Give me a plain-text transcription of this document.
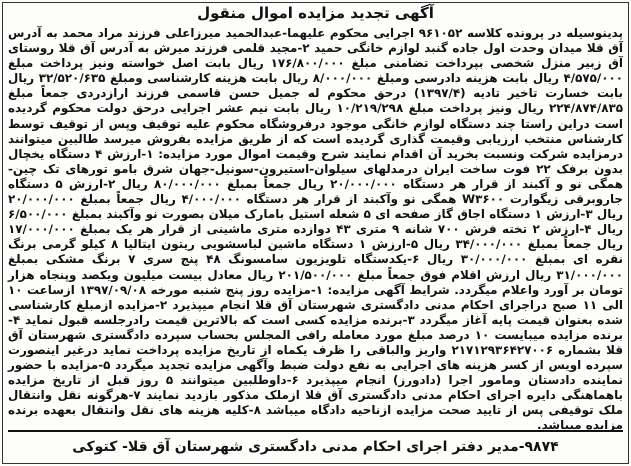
آگهی تجدید مزایده اموال منقول
پدینوسیله در پرونده کلاسه ۹۶۱۰۵۲ اجرایی محکوم علیهما-عبدالحمید میرزاعلی فرزند مراد محمد به آدرس آق قلا میدان وحدت اول جاده گنبد لوازم خانگی حمید ۲-مجید قلمی فرزند میرش به آدرس آق قلا روستای آق زبیر منزل شخصی بپرداخت تضامنی مبلغ ۱۷۶/۸۰۰/۰۰۰ ریال بابت اصل خواسته ونیز پرداخت مبلغ ۴/۵۷۵/۰۰۰ ریال بابت هزینه دادرسی ومبلغ ۸/۰۰۰/۰۰۰ ریال بابت هزینه کارشناسی ومبلغ ۳۲/۵۲۰/۶۳۵ ریال بابت خسارت تاخیر تادیه (۱۳۹۷/۴) درحق محکوم له جمیل حسن قاسمی فرزند ارازدردی جمعاً مبلغ ۲۲۴/۸۷۴/۸۳۵ ریال ونیز پرداخت مبلغ ۱۰/۲۱۹/۲۹۸ ریال بابت نیم عشر اجرایی درحق دولت محکوم گردیده است دراین راستا چند دستگاه لوازم خانگی موجود درفروشگاه محکوم علیه توقیف وپس از توقیف توسط کارشناس منتخب ارزیابی وقیمت گذاری گردیده است که از طریق مزایده بفروش میرسد طالبین میتوانند درمزایده شرکت ونسبت بخرید آن اقدام نمایند شرح وقیمت اموال مورد مزایده: ۱-ارزش ۴ دستگاه یخچال بدون برفک ۲۲ فوت ساخت ایران درمدلهای سیلوان-استیرون-سونیل-جهان شرق بامو تورهای تک چین-همگی نو و آکبند از قرار هر دستگاه ۲۰/۰۰۰/۰۰۰ ریال جمعاً بمبلغ ۸۰/۰۰۰/۰۰۰ ریال ۲-ارزش ۵ دستگاه جاروبرقی زیگوارت W۳۶۰۰ همگی نو وآکبند از قرار هر دستگاه ۴/۰۰۰/۰۰۰ ریال جمعاً بمبلغ ۲۰/۰۰۰/۰۰۰ ریال ۳-ارزش ۱ دستگاه اجاق گاز صفحه ای ۵ شعله استیل بامارک میلان بصورت نو وآکبند بمبلغ ۶/۵۰۰/۰۰۰ ریال ۴-ارزش ۲ تخته فرش ۷۰۰ شانه ۹ متری ۴۳ دوازده متری ماشینی از قرار هر یک بمبلغ ۱۷/۰۰۰/۰۰۰ ریال جمعاً بمبلغ ۳۴/۰۰۰/۰۰۰ ریال ۵-ارزش ۱ دستگاه ماشین لباسشویی ریتون ایتالیا ۸ کیلو گرمی برنگ نقره ای بمبلغ ۳۰/۰۰۰/۰۰۰ ریال ۶-یکدستگاه تلویزیون سامسونگ ۴۸ پنج سری ۷ برنگ مشکی بمبلغ ۳۱/۰۰۰/۰۰۰ ریال ارزش اقلام فوق جمعاً مبلغ ۲۰۱/۵۰۰/۰۰۰ ریال معادل بیست میلیون ویکصد وپنجاه هزار تومان بر آورد واعلام میگردد. شرایط آگهی مزایده: ۱-مزایده روز پنج شنبه مورخه ۱۳۹۷/۰۹/۰۸ ازساعت ۱۰ الی ۱۱ صبح دراجرای احکام مدنی دادگستری شهرستان آق قلا انجام میپذیرد ۲-مزایده ازمبلغ کارشناسی شده بعنوان قیمت پایه آغاز میگردد ۳-برنده مزایده کسی است که بالاترین قیمت رادرجلسه قبول نماید ۴-برنده مزایده میبایست ۱۰ درصد مبلغ مورد معامله رافی المجلس بحساب سپرده دادگستری شهرستان آق قلا بشماره ۲۱۷۱۲۹۳۶۴۲۷۰۰۶ واریز والباقی را ظرف یکماه از تاریخ مزایده پرداخت نماید درغیر اینصورت سپرده اویس از کسر هزینه های اجرایی به نفع دولت ضبط وآگهی مزایده تجدید میگردد ۵-مزایده با حضور نماینده دادستان ومامور اجرا (دادورز) انجام میپذیرد ۶-داوطلبین میتوانند ۵ روز قبل از تاریخ مزایده باهماهنگی دایره اجرای احکام مدنی دادگستری آق قلا ازملک مذکور بازدید نمایند ۷-هرگونه نقل وانتقال ملک توقیفی پس از تایید صحت مزایده ازناحیه دادگاه میباشد ۸-کلیه هزینه های نقل وانتقال بعهده برنده مزایده میباشد.
۹۸۷۴-مدیر دفتر اجرای احکام مدنی دادگستری شهرستان آق قلا- کتوکی
